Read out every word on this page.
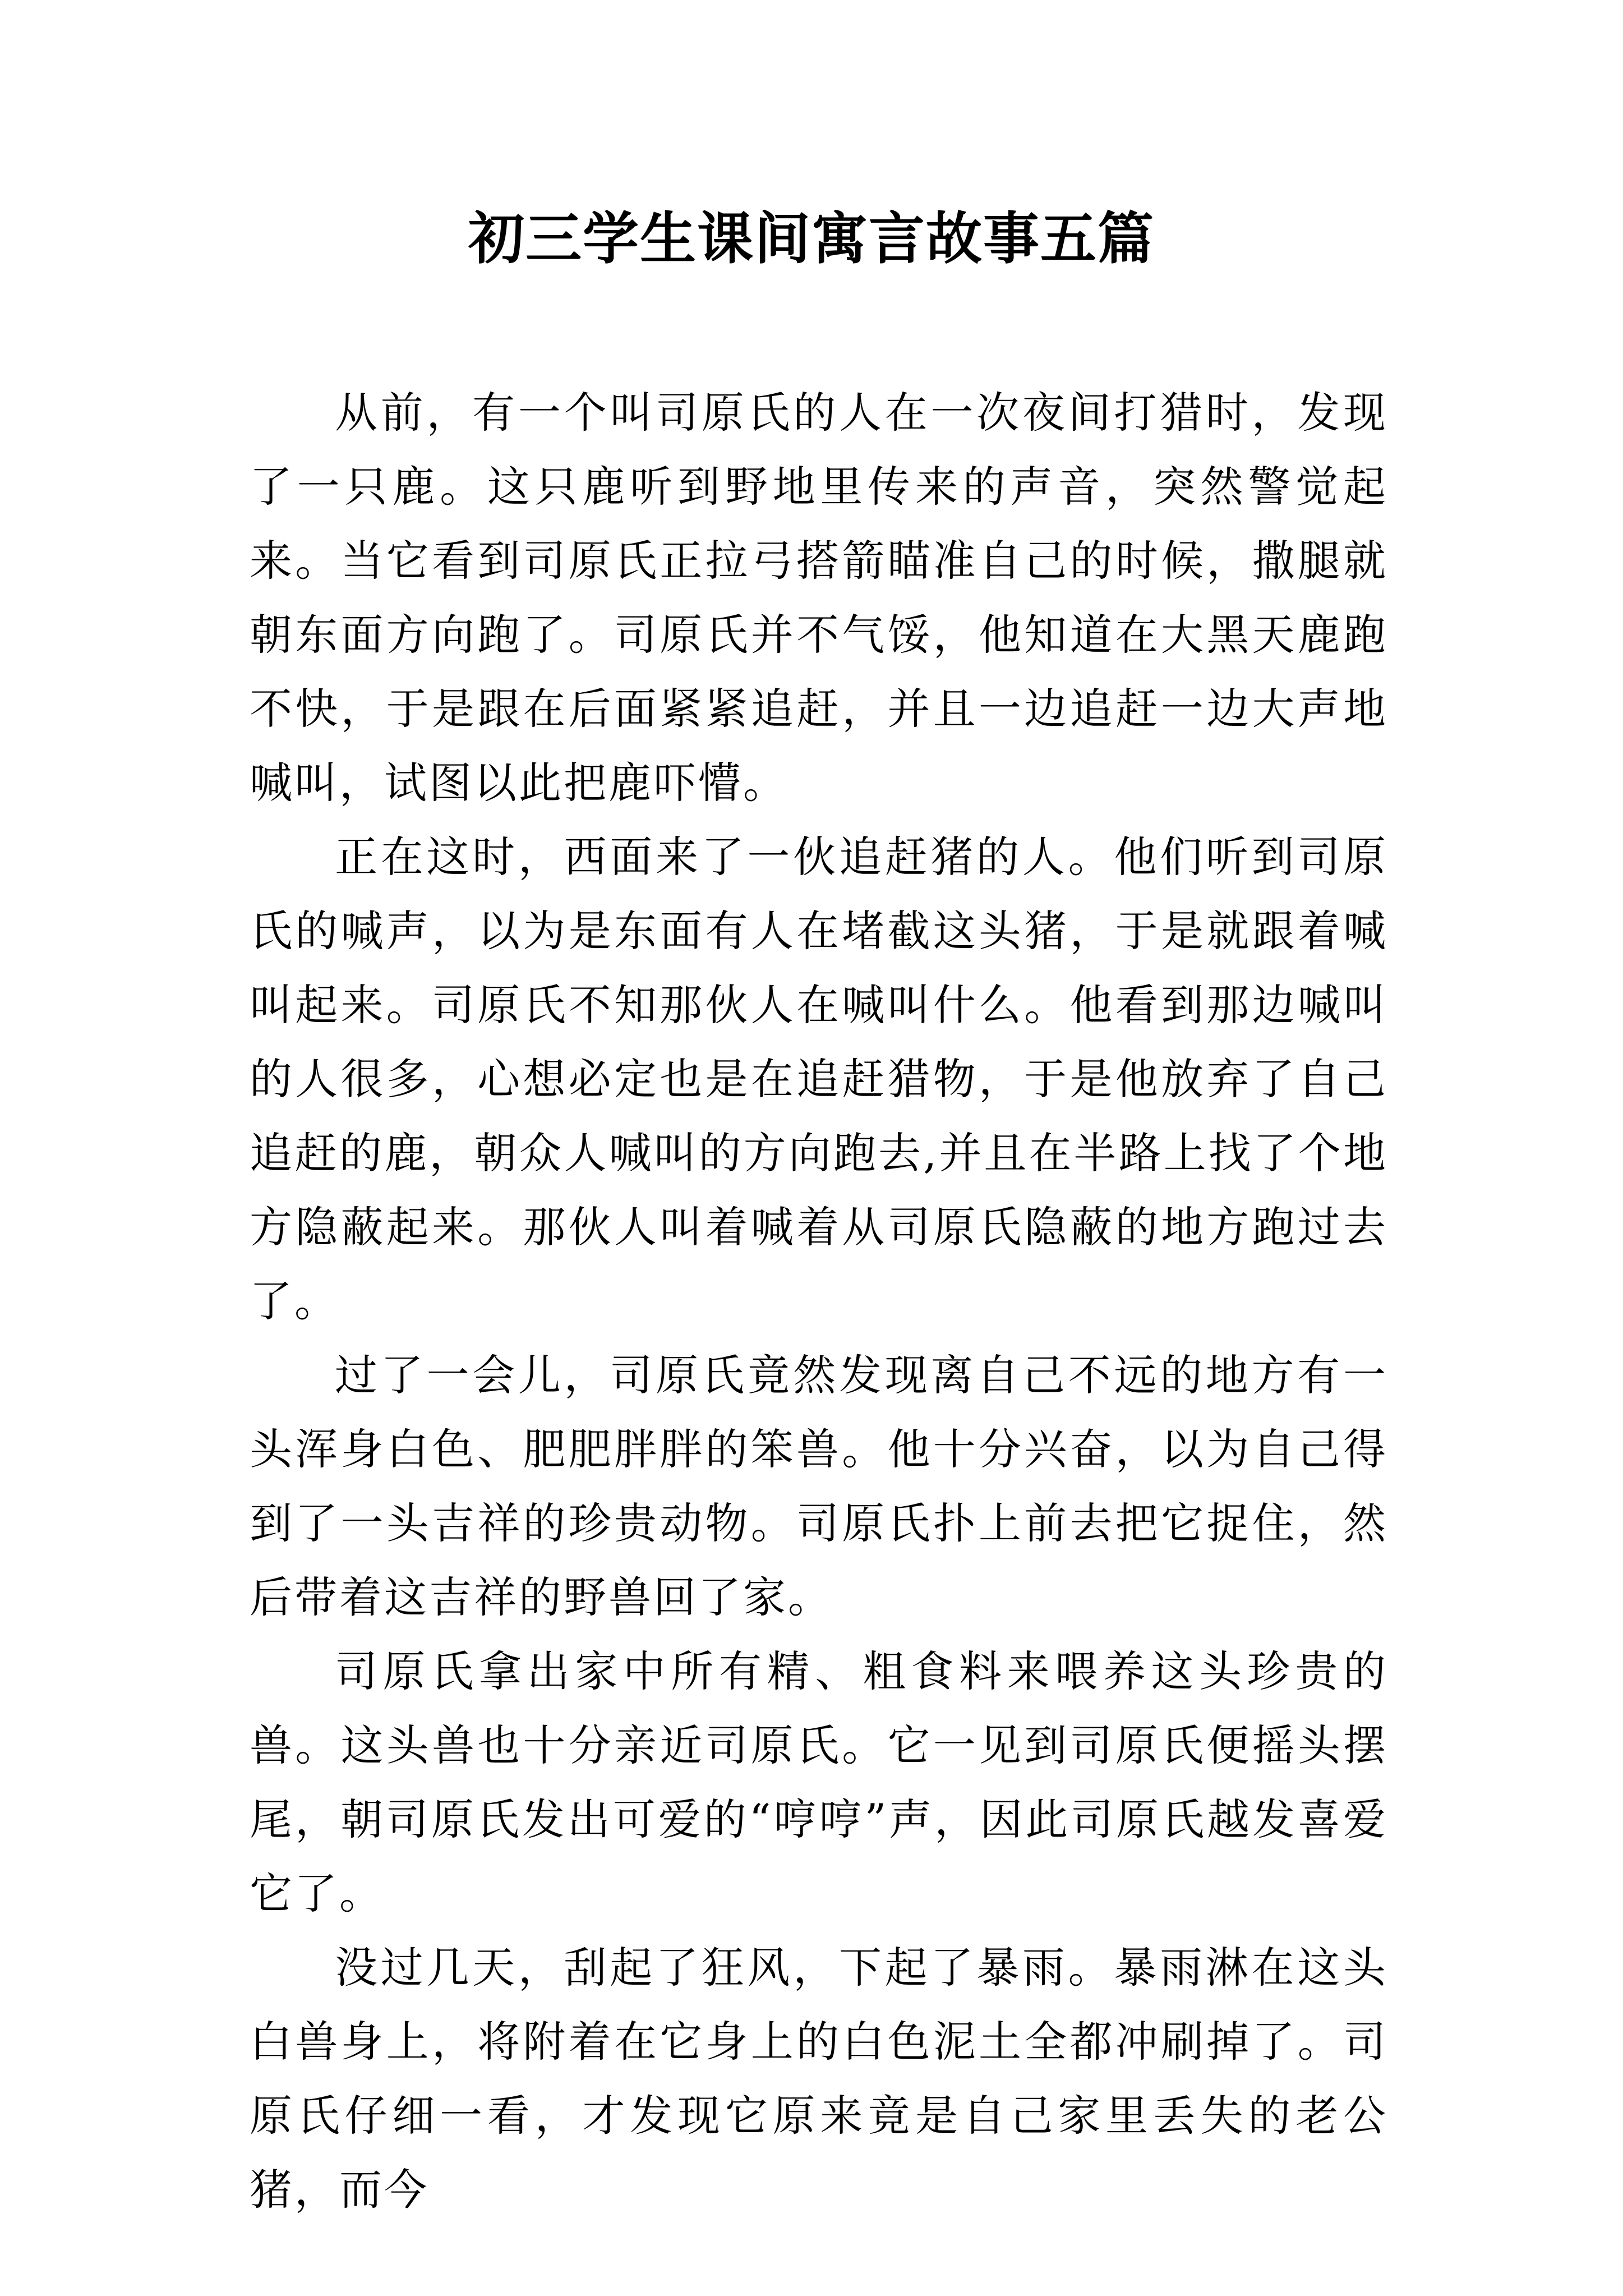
初三学生课间寓言故事五篇

从前，有一个叫司原氏的人在一次夜间打猎时，发现了一只鹿。这只鹿听到野地里传来的声音，突然警觉起来。当它看到司原氏正拉弓搭箭瞄准自己的时候，撒腿就朝东面方向跑了。司原氏并不气馁，他知道在大黑天鹿跑不快，于是跟在后面紧紧追赶，并且一边追赶一边大声地喊叫，试图以此把鹿吓懵。

正在这时，西面来了一伙追赶猪的人。他们听到司原氏的喊声，以为是东面有人在堵截这头猪，于是就跟着喊叫起来。司原氏不知那伙人在喊叫什么。他看到那边喊叫的人很多，心想必定也是在追赶猎物，于是他放弃了自己追赶的鹿，朝众人喊叫的方向跑去,并且在半路上找了个地方隐蔽起来。那伙人叫着喊着从司原氏隐蔽的地方跑过去了。

过了一会儿，司原氏竟然发现离自己不远的地方有一头浑身白色、肥肥胖胖的笨兽。他十分兴奋，以为自己得到了一头吉祥的珍贵动物。司原氏扑上前去把它捉住，然后带着这吉祥的野兽回了家。

司原氏拿出家中所有精、粗食料来喂养这头珍贵的兽。这头兽也十分亲近司原氏。它一见到司原氏便摇头摆尾，朝司原氏发出可爱的“哼哼”声，因此司原氏越发喜爱它了。

没过几天，刮起了狂风，下起了暴雨。暴雨淋在这头白兽身上，将附着在它身上的白色泥土全都冲刷掉了。司原氏仔细一看，才发现它原来竟是自己家里丢失的老公猪，而今
